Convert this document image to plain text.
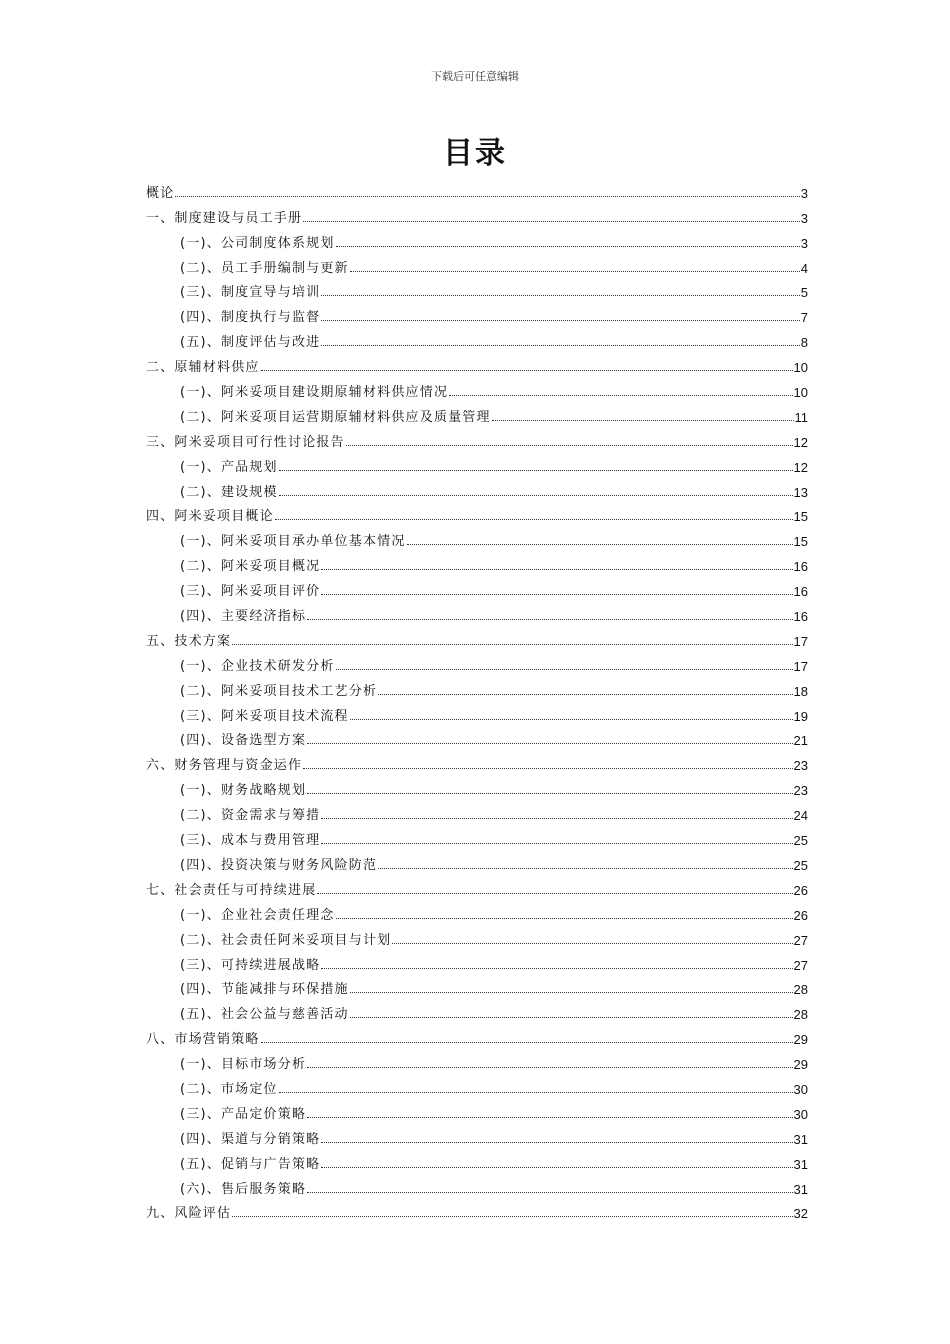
下载后可任意编辑
目录
概论	3
一、制度建设与员工手册	3
(一)、公司制度体系规划	3
(二)、员工手册编制与更新	4
(三)、制度宣导与培训	5
(四)、制度执行与监督	7
(五)、制度评估与改进	8
二、原辅材料供应	10
(一)、阿米妥项目建设期原辅材料供应情况	10
(二)、阿米妥项目运营期原辅材料供应及质量管理	11
三、阿米妥项目可行性讨论报告	12
(一)、产品规划	12
(二)、建设规模	13
四、阿米妥项目概论	15
(一)、阿米妥项目承办单位基本情况	15
(二)、阿米妥项目概况	16
(三)、阿米妥项目评价	16
(四)、主要经济指标	16
五、技术方案	17
(一)、企业技术研发分析	17
(二)、阿米妥项目技术工艺分析	18
(三)、阿米妥项目技术流程	19
(四)、设备选型方案	21
六、财务管理与资金运作	23
(一)、财务战略规划	23
(二)、资金需求与筹措	24
(三)、成本与费用管理	25
(四)、投资决策与财务风险防范	25
七、社会责任与可持续进展	26
(一)、企业社会责任理念	26
(二)、社会责任阿米妥项目与计划	27
(三)、可持续进展战略	27
(四)、节能减排与环保措施	28
(五)、社会公益与慈善活动	28
八、市场营销策略	29
(一)、目标市场分析	29
(二)、市场定位	30
(三)、产品定价策略	30
(四)、渠道与分销策略	31
(五)、促销与广告策略	31
(六)、售后服务策略	31
九、风险评估	32
